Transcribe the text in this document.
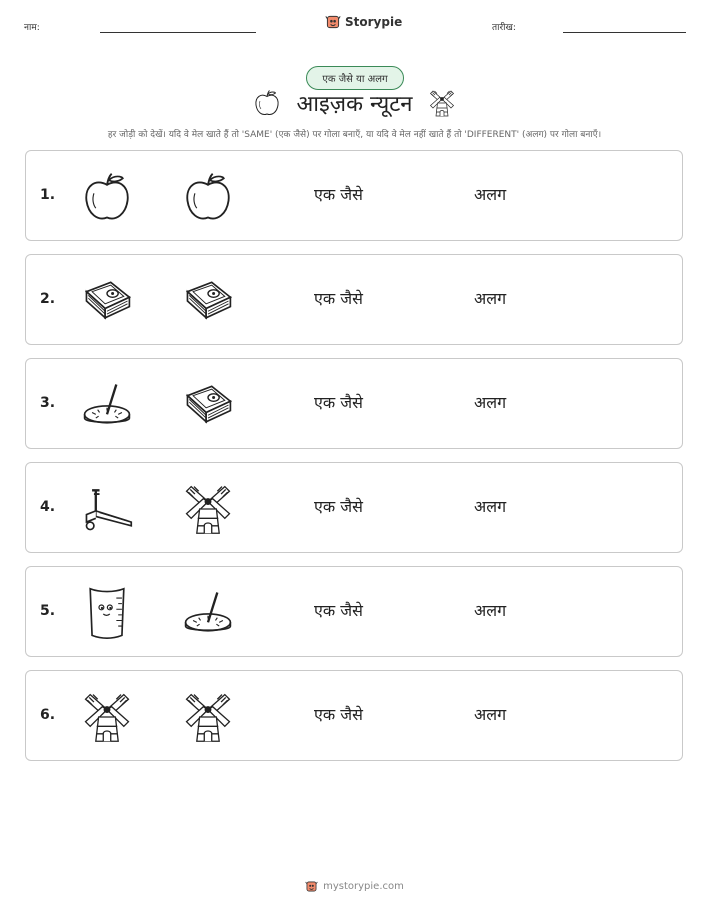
नाम:	Storypie	तारीख:
एक जैसे या अलग
आइज़क न्यूटन
हर जोड़ी को देखें। यदि वे मेल खाते हैं तो 'SAME' (एक जैसे) पर गोला बनाएँ, या यदि वे मेल नहीं खाते हैं तो 'DIFFERENT' (अलग) पर गोला बनाएँ।
1.	एक जैसे	अलग
2.	एक जैसे	अलग
3.	एक जैसे	अलग
4.	एक जैसे	अलग
5.	एक जैसे	अलग
6.	एक जैसे	अलग
mystorypie.com
